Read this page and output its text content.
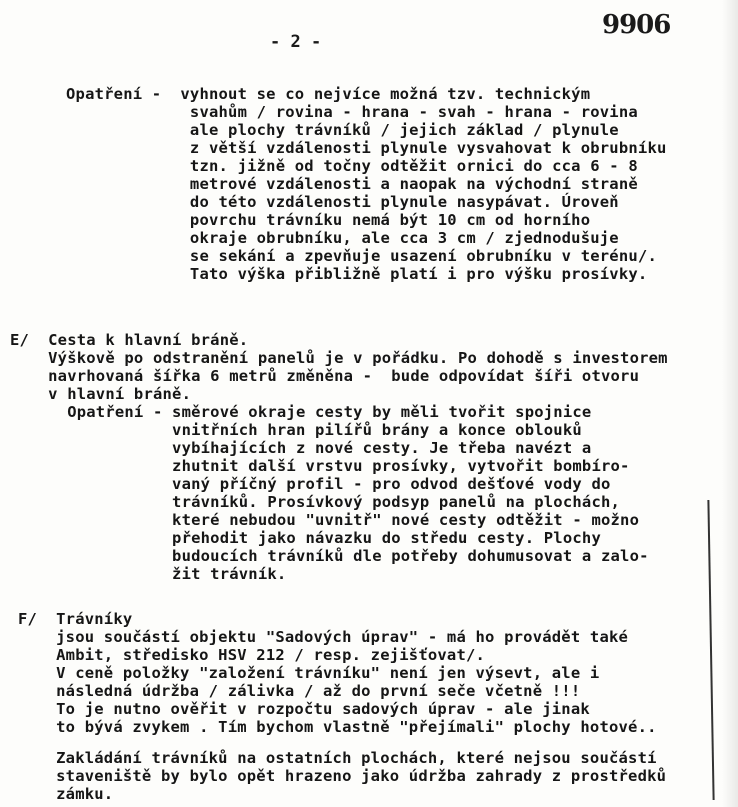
- 2 -
9906
Opatření -  vyhnout se co nejvíce možná tzv. technickým
svahům / rovina - hrana - svah - hrana - rovina
ale plochy trávníků / jejich základ / plynule
z větší vzdálenosti plynule vysvahovat k obrubníku
tzn. jižně od točny odtěžit ornici do cca 6 - 8
metrové vzdálenosti a naopak na východní straně
do této vzdálenosti plynule nasypávat. Úroveň
povrchu trávníku nemá být 10 cm od horního
okraje obrubníku, ale cca 3 cm / zjednodušuje
se sekání a zpevňuje usazení obrubníku v terénu/.
Tato výška přibližně platí i pro výšku prosívky.
E/  Cesta k hlavní bráně.
Výškově po odstranění panelů je v pořádku. Po dohodě s investorem
navrhovaná šířka 6 metrů změněna -  bude odpovídat šíři otvoru
v hlavní bráně.
Opatření - směrové okraje cesty by měli tvořit spojnice
vnitřních hran pilířů brány a konce oblouků
vybíhajících z nové cesty. Je třeba navézt a
zhutnit další vrstvu prosívky, vytvořit bombíro-
vaný příčný profil - pro odvod dešťové vody do
trávníků. Prosívkový podsyp panelů na plochách,
které nebudou "uvnitř" nové cesty odtěžit - možno
přehodit jako návazku do středu cesty. Plochy
budoucích trávníků dle potřeby dohumusovat a zalo-
žit trávník.
F/  Trávníky
jsou součástí objektu "Sadových úprav" - má ho provádět také
Ambit, středisko HSV 212 / resp. zejišťovat/.
V ceně položky "založení trávníku" není jen výsevt, ale i
následná údržba / zálivka / až do první seče včetně !!!
To je nutno ověřit v rozpočtu sadových úprav - ale jinak
to bývá zvykem . Tím bychom vlastně "přejímali" plochy hotové..
Zakládání trávníků na ostatních plochách, které nejsou součástí
staveniště by bylo opět hrazeno jako údržba zahrady z prostředků
zámku.
